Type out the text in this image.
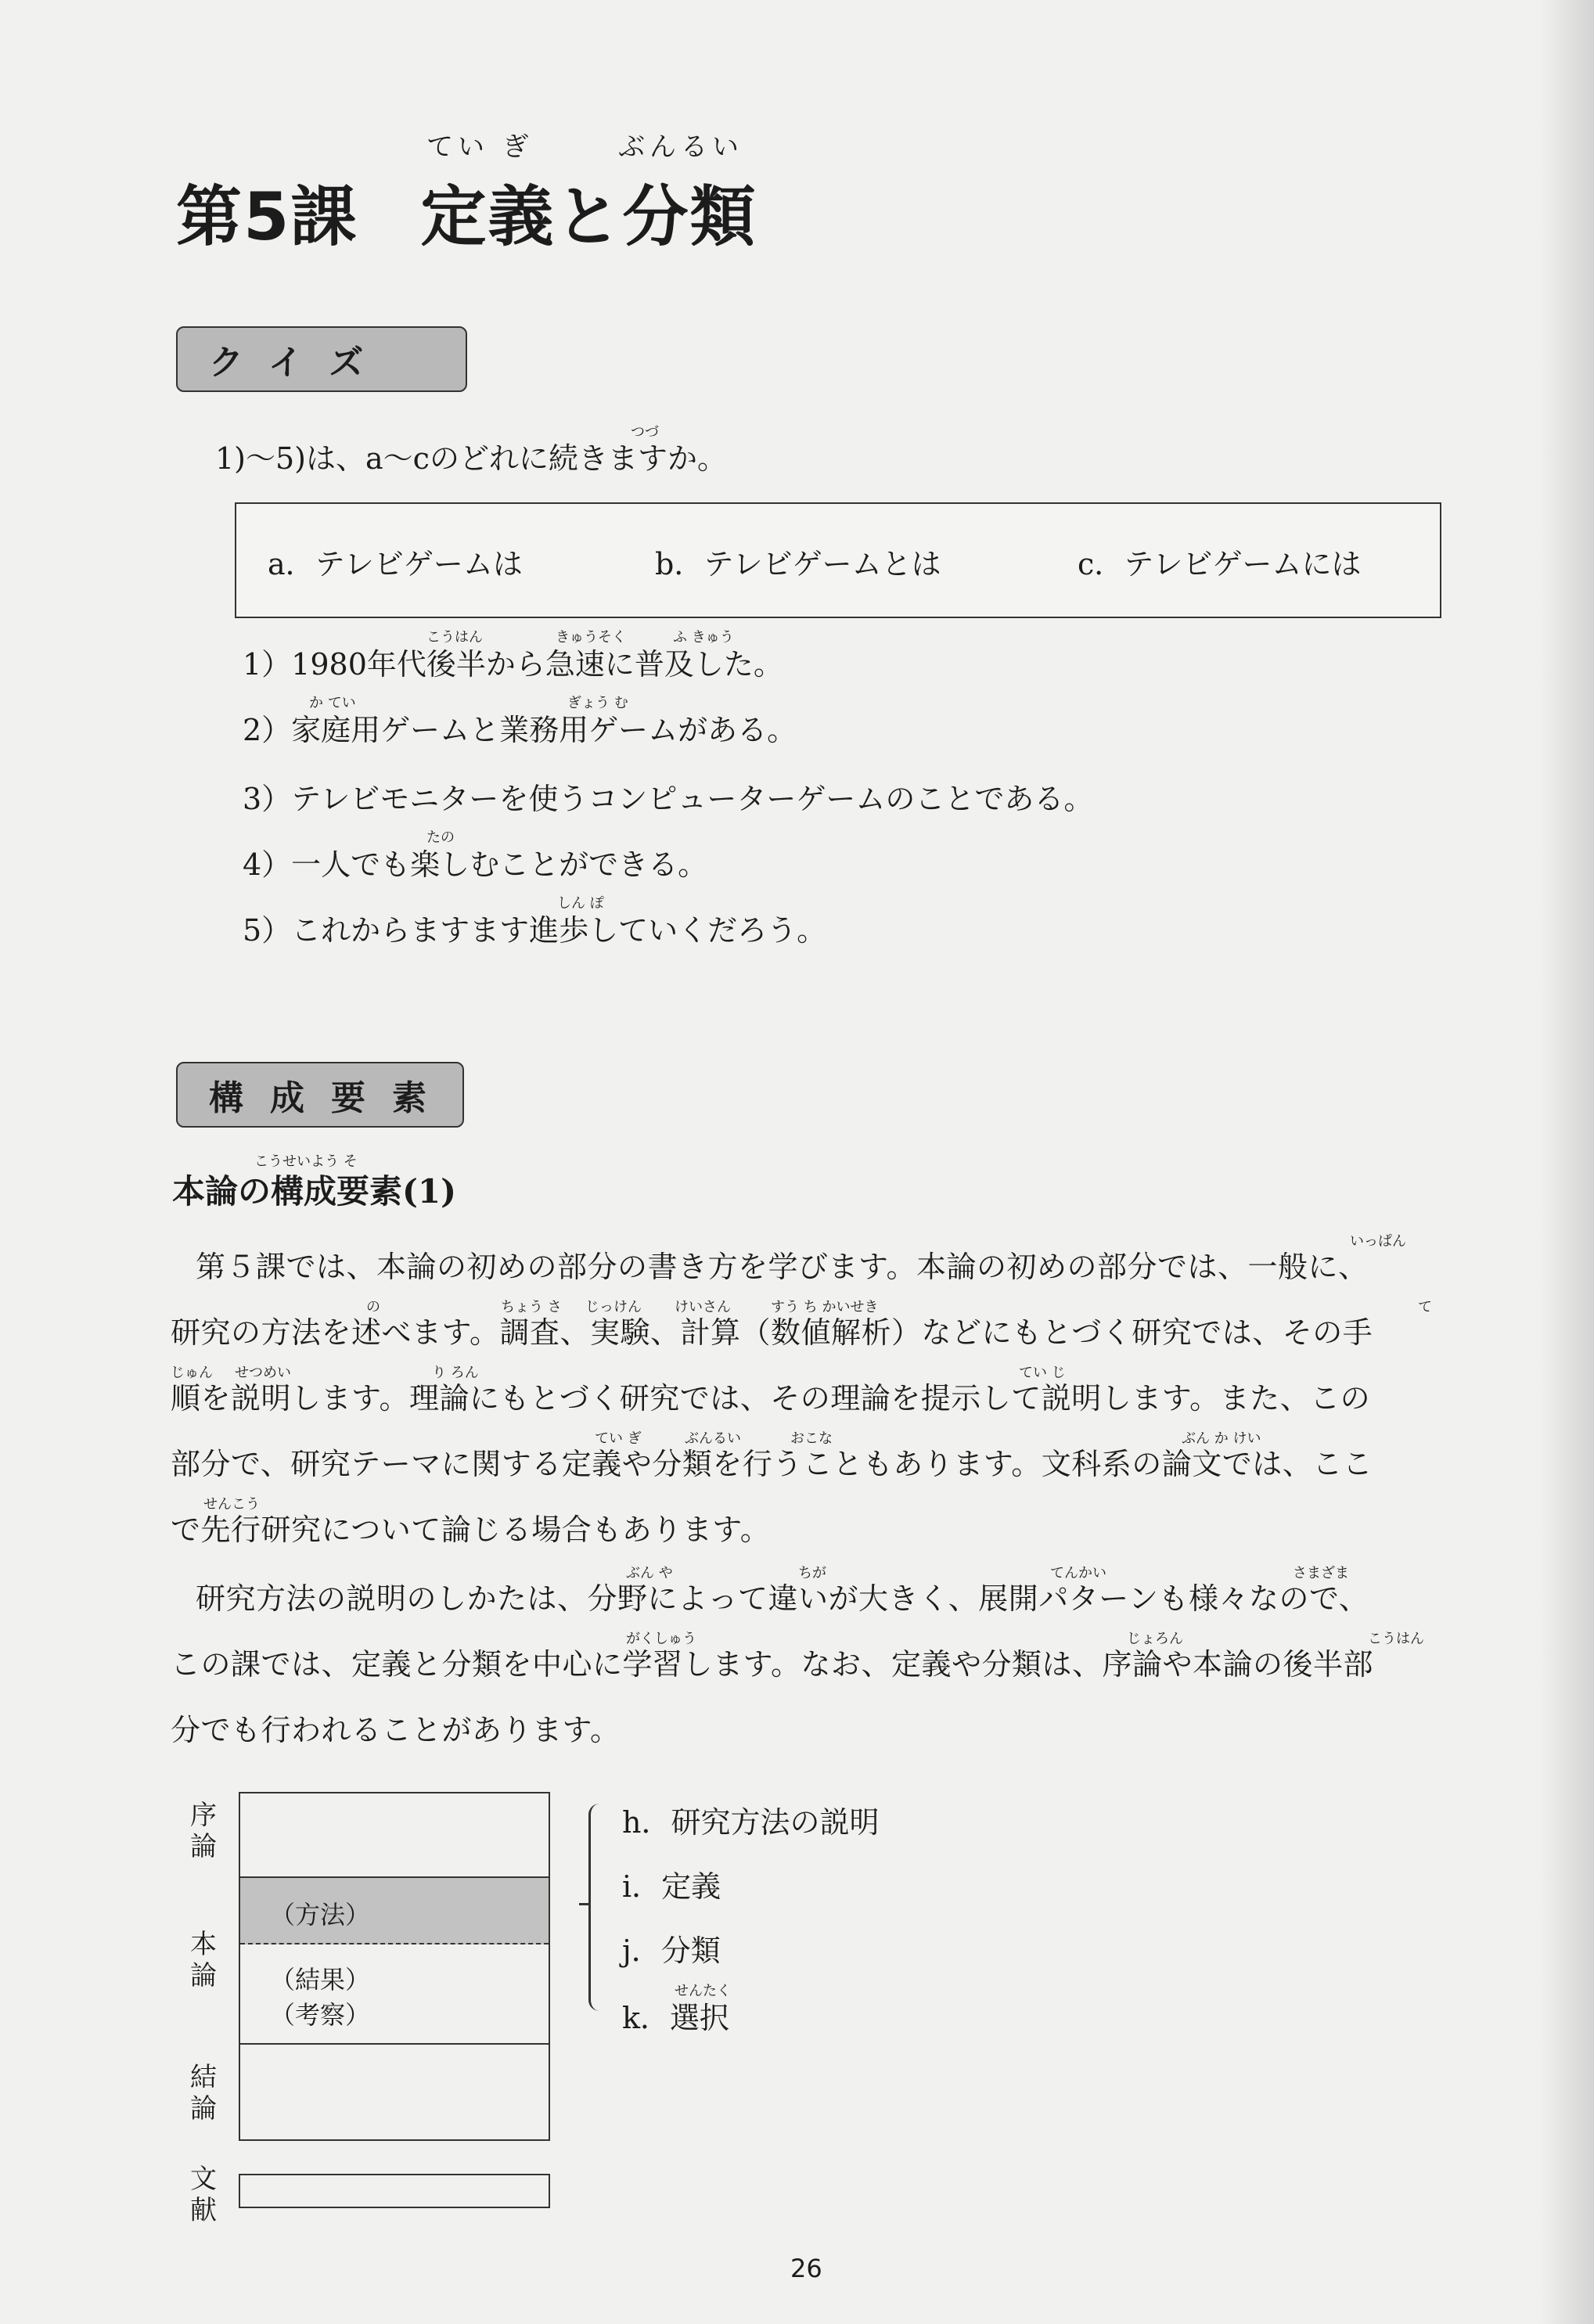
てい ぎ	ぶんるい
第5課 定義と分類
クイズ
つづ
1)～5)は、a～cのどれに続きますか。
a．テレビゲームは	b．テレビゲームとは	c．テレビゲームには
こうはん	きゅうそく	ふ きゅう
1）1980年代後半から急速に普及した。
か てい	ぎょう む
2）家庭用ゲームと業務用ゲームがある。
3）テレビモニターを使うコンピューターゲームのことである。
たの
4）一人でも楽しむことができる。
しん ぽ
5）これからますます進歩していくだろう。
構成要素
こうせいよう そ
本論の構成要素(1)
いっぱん
第５課では、本論の初めの部分の書き方を学びます。本論の初めの部分では、一般に、
の	ちょう さ じっけん けいさん	すう ち かいせき	て
研究の方法を述べます。調査、実験、計算（数値解析）などにもとづく研究では、その手
じゅん せつめい	り ろん	てい じ
順を説明します。理論にもとづく研究では、その理論を提示して説明します。また、この
てい ぎ	ぶんるい	おこな	ぶん か けい
部分で、研究テーマに関する定義や分類を行うこともあります。文科系の論文では、ここ
せんこう
で先行研究について論じる場合もあります。
ぶん や	ちが	てんかい	さまざま
研究方法の説明のしかたは、分野によって違いが大きく、展開パターンも様々なので、
がくしゅう	じょろん	こうはん
この課では、定義と分類を中心に学習します。なお、定義や分類は、序論や本論の後半部
分でも行われることがあります。
序論
本論
結論
文献
（方法）
（結果）
（考察）
h．研究方法の説明
i．定義
j．分類
せんたく
k．選択
26
